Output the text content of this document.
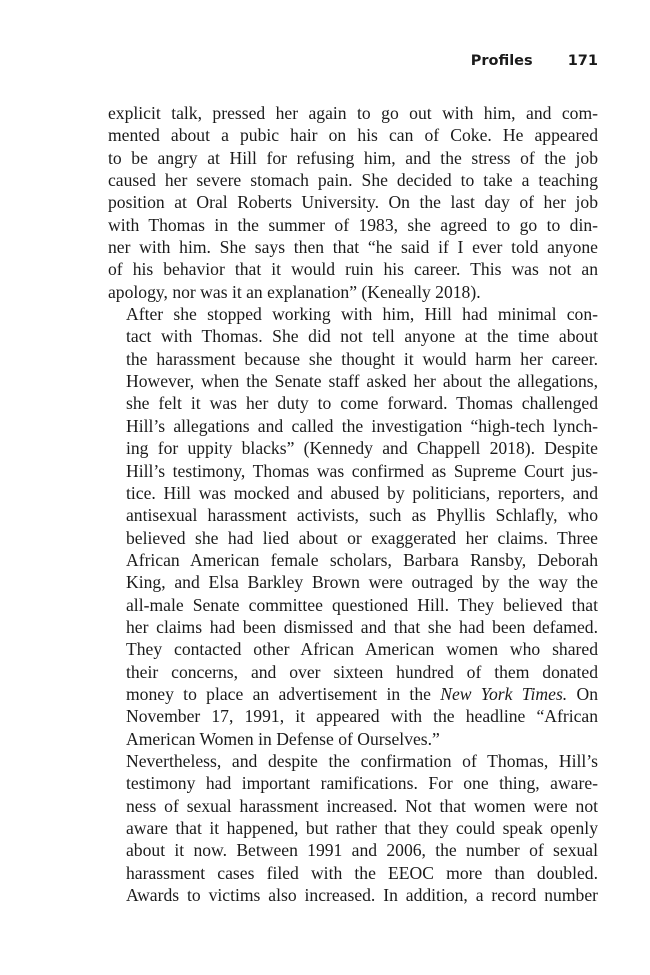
Profiles 171

explicit talk, pressed her again to go out with him, and com-
mented about a pubic hair on his can of Coke. He appeared
to be angry at Hill for refusing him, and the stress of the job
caused her severe stomach pain. She decided to take a teaching
position at Oral Roberts University. On the last day of her job
with Thomas in the summer of 1983, she agreed to go to din-
ner with him. She says then that “he said if I ever told anyone
of his behavior that it would ruin his career. This was not an
apology, nor was it an explanation” (Keneally 2018).

After she stopped working with him, Hill had minimal con-
tact with Thomas. She did not tell anyone at the time about
the harassment because she thought it would harm her career.
However, when the Senate staff asked her about the allegations,
she felt it was her duty to come forward. Thomas challenged
Hill’s allegations and called the investigation “high-tech lynch-
ing for uppity blacks” (Kennedy and Chappell 2018). Despite
Hill’s testimony, Thomas was confirmed as Supreme Court jus-
tice. Hill was mocked and abused by politicians, reporters, and
antisexual harassment activists, such as Phyllis Schlafly, who
believed she had lied about or exaggerated her claims. Three
African American female scholars, Barbara Ransby, Deborah
King, and Elsa Barkley Brown were outraged by the way the
all-male Senate committee questioned Hill. They believed that
her claims had been dismissed and that she had been defamed.
They contacted other African American women who shared
their concerns, and over sixteen hundred of them donated
money to place an advertisement in the New York Times. On
November 17, 1991, it appeared with the headline “African
American Women in Defense of Ourselves.”

Nevertheless, and despite the confirmation of Thomas, Hill’s
testimony had important ramifications. For one thing, aware-
ness of sexual harassment increased. Not that women were not
aware that it happened, but rather that they could speak openly
about it now. Between 1991 and 2006, the number of sexual
harassment cases filed with the EEOC more than doubled.
Awards to victims also increased. In addition, a record number
